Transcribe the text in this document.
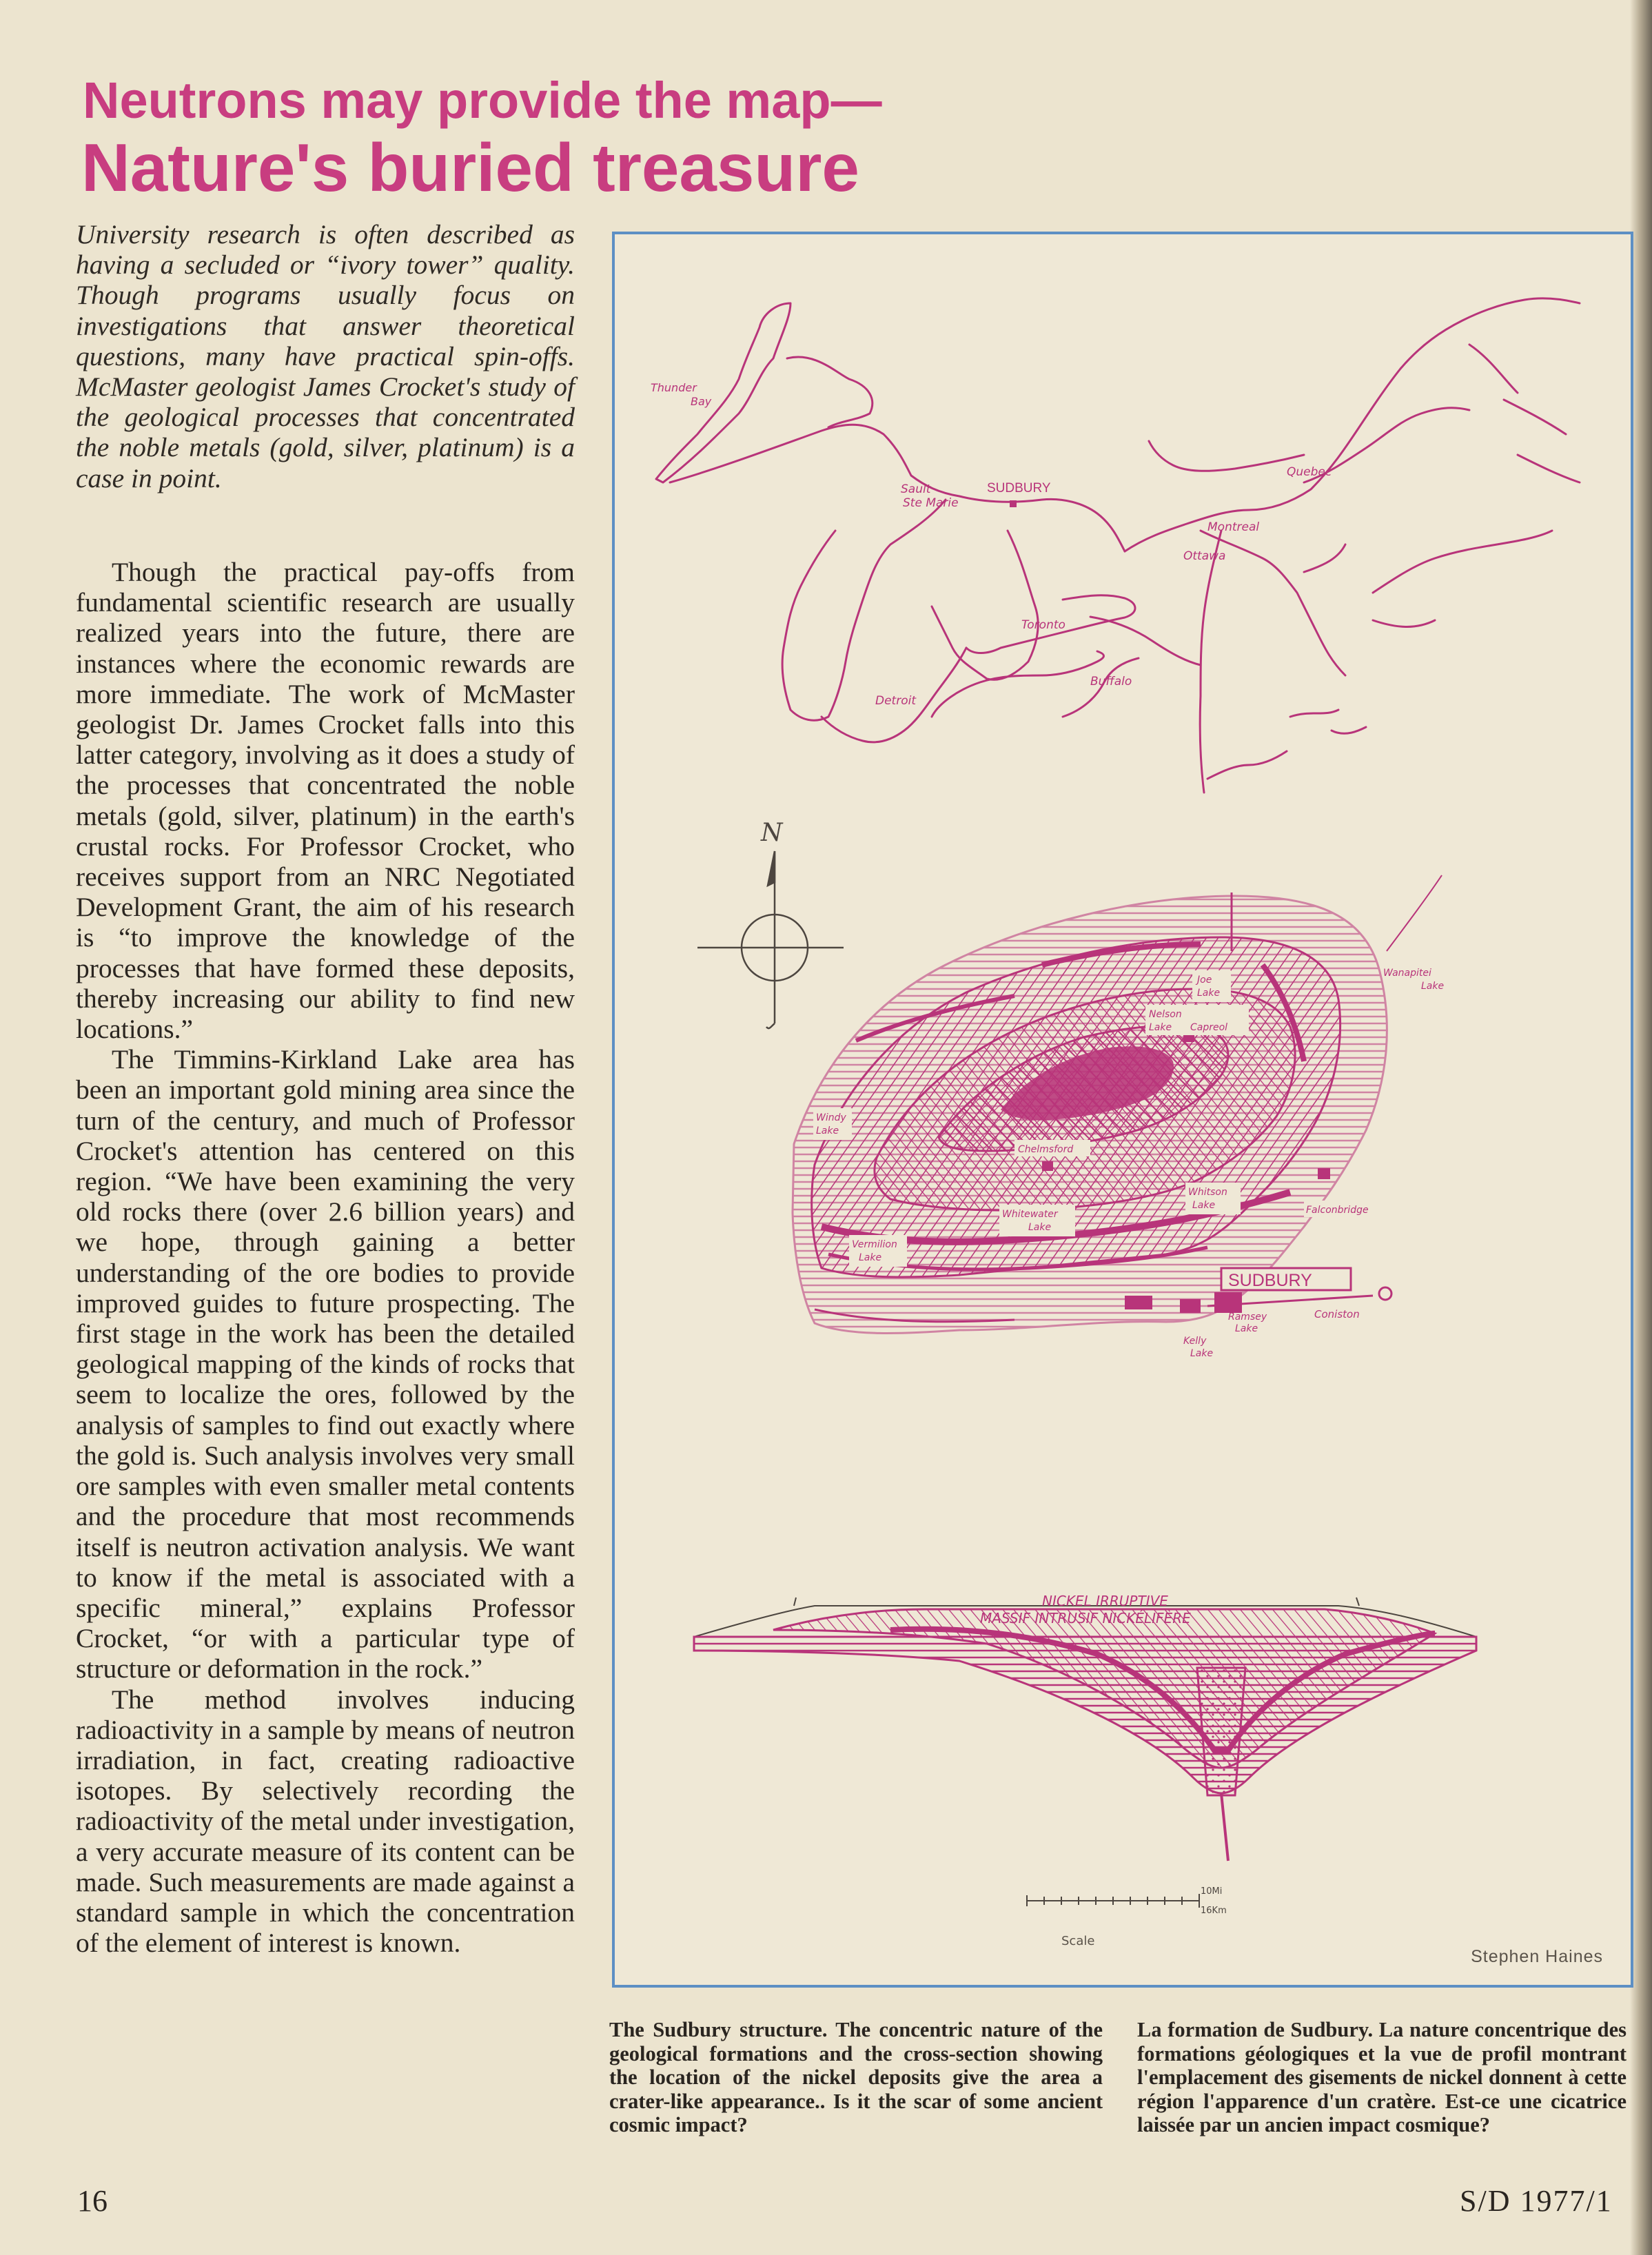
Neutrons may provide the map—
Nature's buried treasure
University research is often described as having a secluded or “ivory tower” quality. Though programs usually focus on investigations that answer theoretical questions, many have practical spin-offs. McMaster geologist James Crocket's study of the geological processes that concentrated the noble metals (gold, silver, platinum) is a case in point.

Though the practical pay-offs from fundamental scientific research are usually realized years into the future, there are instances where the economic rewards are more immediate. The work of McMaster geologist Dr. James Crocket falls into this latter category, involving as it does a study of the processes that concentrated the noble metals (gold, silver, platinum) in the earth's crustal rocks. For Professor Crocket, who receives support from an NRC Negotiated Development Grant, the aim of his research is “to improve the knowledge of the processes that have formed these deposits, thereby increasing our ability to find new locations.”

The Timmins-Kirkland Lake area has been an important gold mining area since the turn of the century, and much of Professor Crocket's attention has centered on this region. “We have been examining the very old rocks there (over 2.6 billion years) and we hope, through gaining a better understanding of the ore bodies to provide improved guides to future prospecting. The first stage in the work has been the detailed geological mapping of the kinds of rocks that seem to localize the ores, followed by the analysis of samples to find out exactly where the gold is. Such analysis involves very small ore samples with even smaller metal contents and the procedure that most recommends itself is neutron activation analysis. We want to know if the metal is associated with a specific mineral,” explains Professor Crocket, “or with a particular type of structure or deformation in the rock.”

The method involves inducing radioactivity in a sample by means of neutron irradiation, in fact, creating radioactive isotopes. By selectively recording the radioactivity of the metal under investigation, a very accurate measure of its content can be made. Such measurements are made against a standard sample in which the concentration of the element of interest is known.

Thunder
Bay
Sault
Ste Marie
SUDBURY
Quebec
Montreal
Ottawa
Toronto
Buffalo
Detroit
N
Joe
Lake
Wanapitei
Lake
Nelson
Lake Capreol
Windy
Lake
Chelmsford
Whitewater
Lake
Whitson
Lake	Falconbridge
Vermilion
Lake
SUDBURY
Ramsey
Lake
Kelly
Lake
Coniston
NICKEL IRRUPTIVE
MASSIF INTRUSIF NICKÉLIFÈRE
10Mi
16Km
Scale
Stephen Haines
The Sudbury structure. The concentric nature of the geological formations and the cross-section showing the location of the nickel deposits give the area a crater-like appearance.. Is it the scar of some ancient cosmic impact?
La formation de Sudbury. La nature concentrique des formations géologiques et la vue de profil montrant l'emplacement des gisements de nickel donnent à cette région l'apparence d'un cratère. Est-ce une cicatrice laissée par un ancien impact cosmique?
16	S/D 1977/1
